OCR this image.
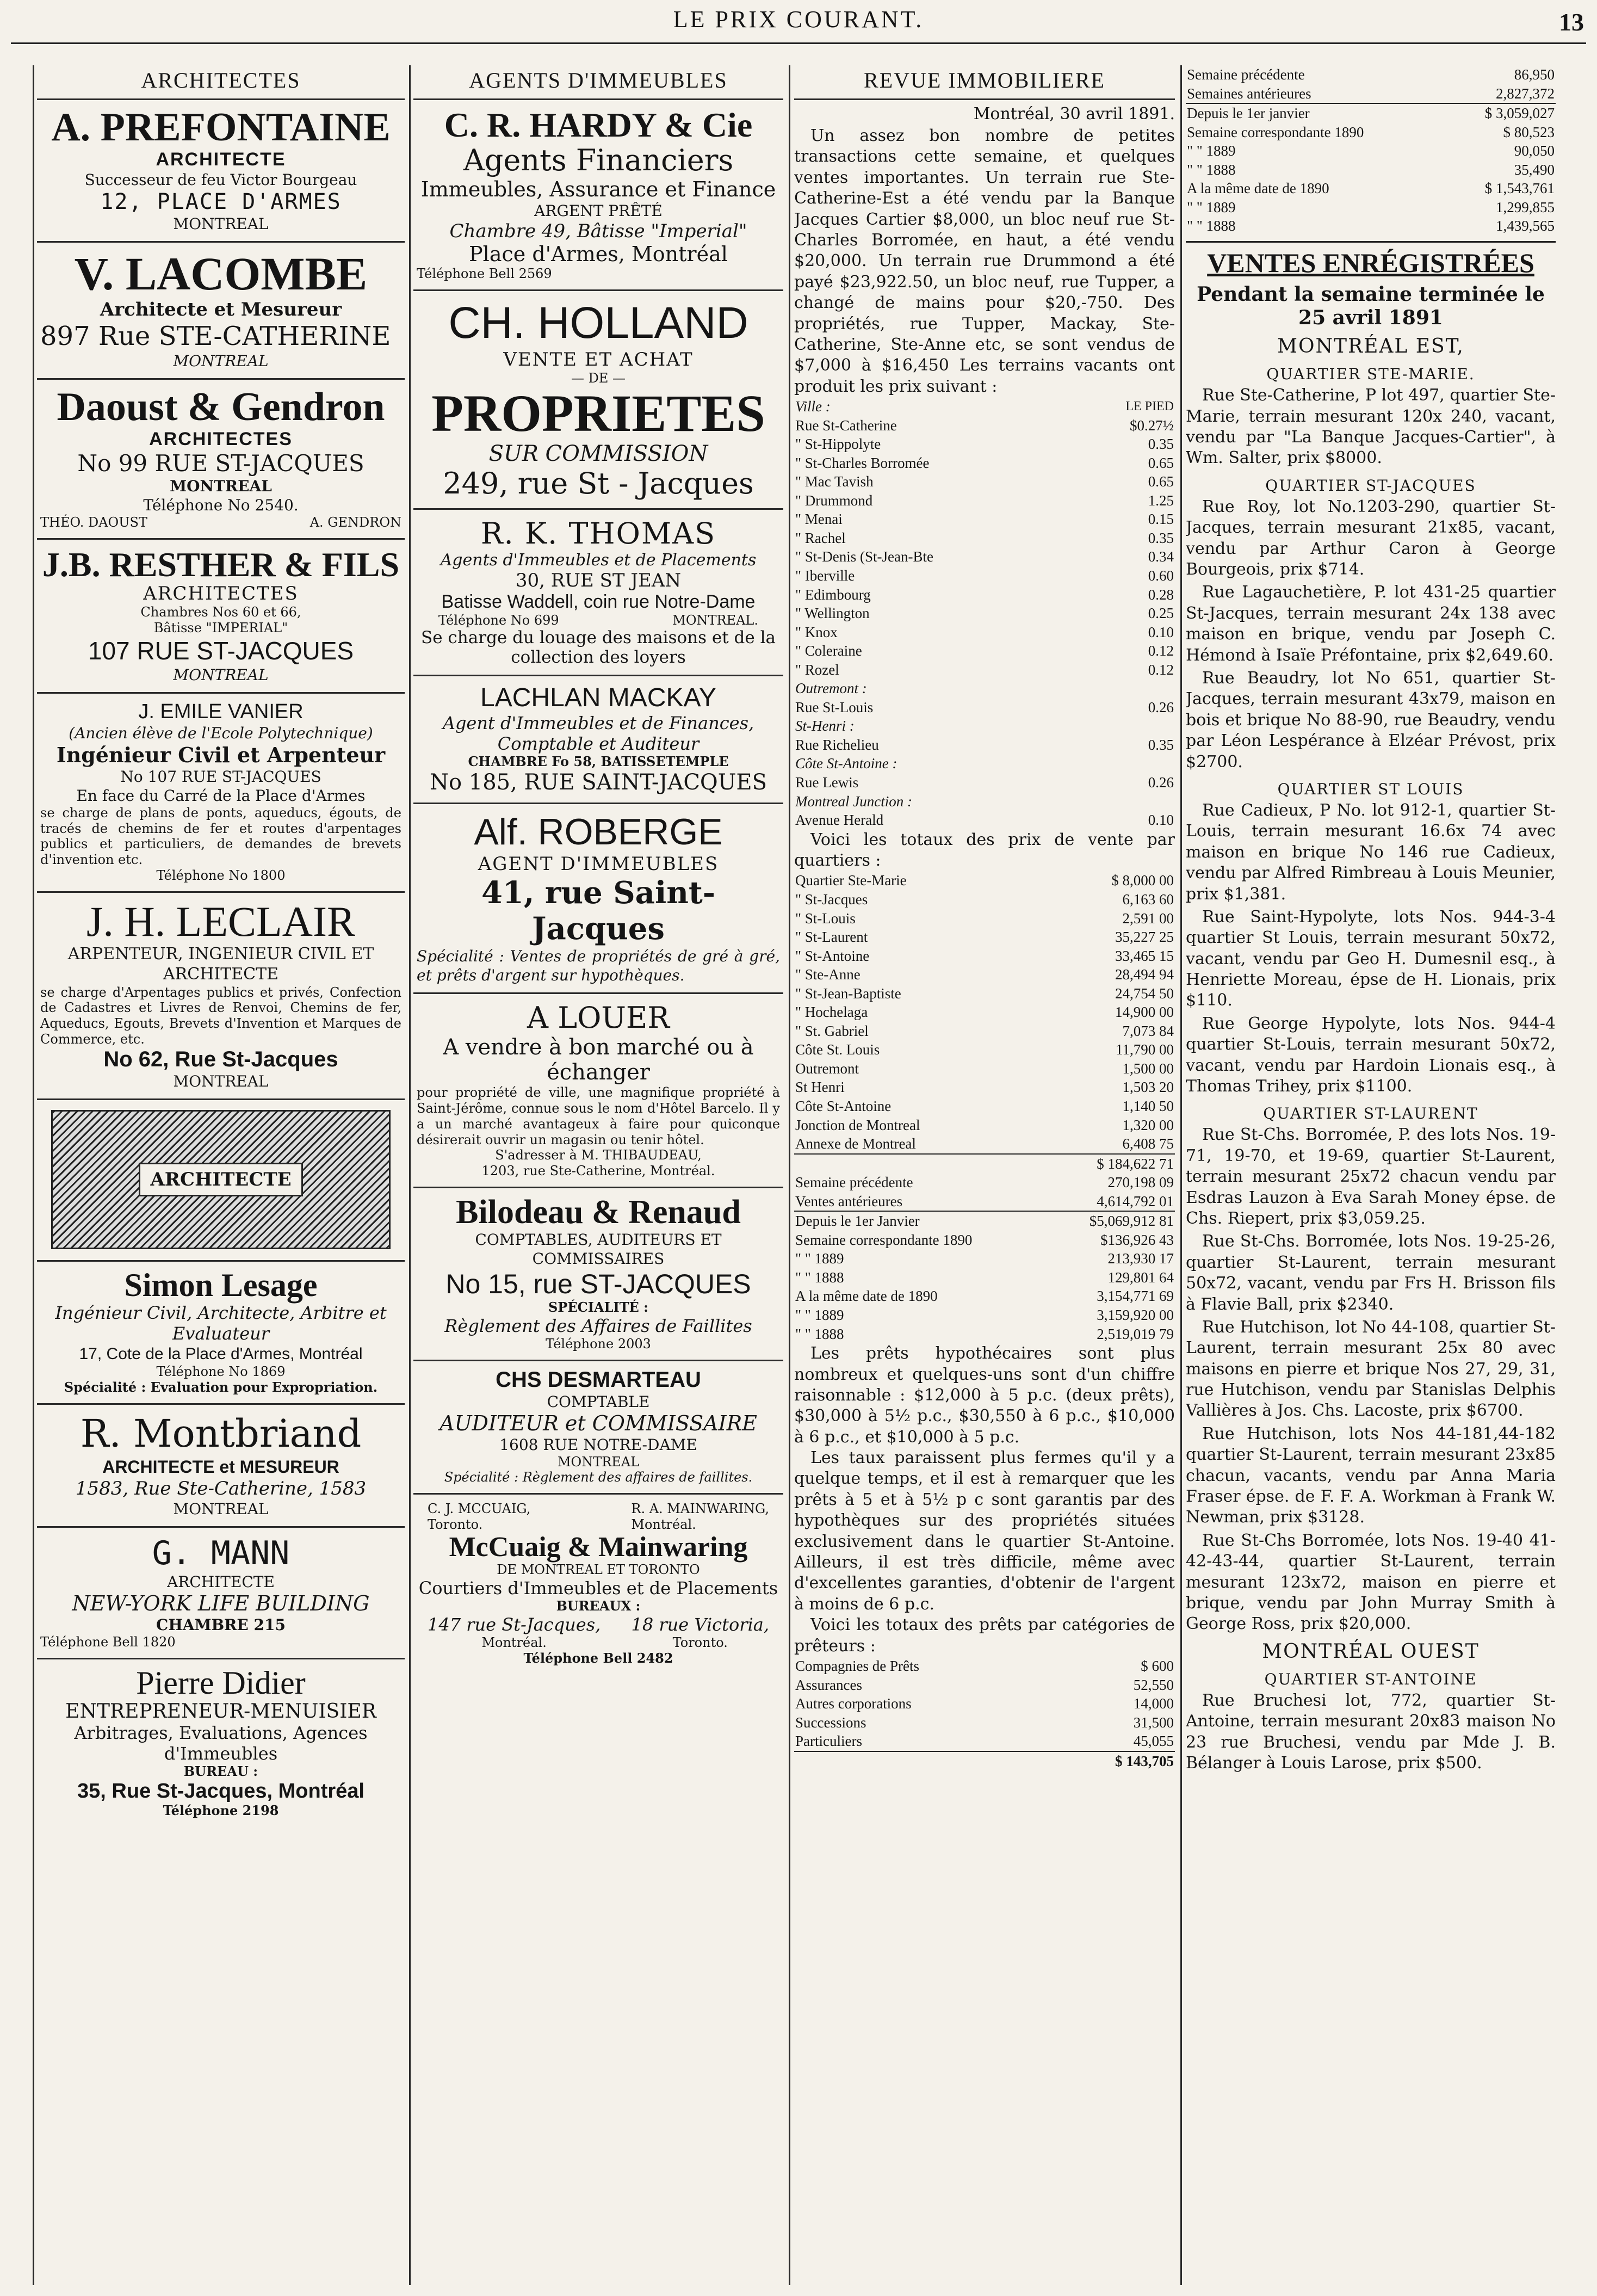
LE PRIX COURANT.	13
ARCHITECTES
A. PREFONTAINE
ARCHITECTE
Successeur de feu Victor Bourgeau
12, PLACE D'ARMES
MONTREAL
V. LACOMBE
Architecte et Mesureur
897 Rue STE-CATHERINE
MONTREAL
Daoust & Gendron
ARCHITECTES
No 99 RUE ST-JACQUES
MONTREAL
Téléphone No 2540.
THÉO. DAOUST	A. GENDRON
J.B. RESTHER & FILS
ARCHITECTES
Chambres Nos 60 et 66,
Bâtisse "IMPERIAL"
107 RUE ST-JACQUES
MONTREAL
J. EMILE VANIER
(Ancien élève de l'Ecole Polytechnique)
Ingénieur Civil et Arpenteur
No 107 RUE ST-JACQUES
En face du Carré de la Place d'Armes
se charge de plans de ponts, aqueducs, égouts, de tracés de chemins de fer et routes d'arpentages publics et particuliers, de demandes de brevets d'invention etc.
Téléphone No 1800
J. H. LECLAIR
ARPENTEUR, INGENIEUR CIVIL ET ARCHITECTE
se charge d'Arpentages publics et privés, Confection de Cadastres et Livres de Renvoi, Chemins de fer, Aqueducs, Egouts, Brevets d'Invention et Marques de Commerce, etc.
No 62, Rue St-Jacques
MONTREAL
ARCHITECTE
Simon Lesage
Ingénieur Civil, Architecte, Arbitre et Evaluateur
17, Cote de la Place d'Armes, Montréal
Téléphone No 1869
Spécialité : Evaluation pour Expropriation.
R. Montbriand
ARCHITECTE et MESUREUR
1583, Rue Ste-Catherine, 1583
MONTREAL
G. MANN
ARCHITECTE
NEW-YORK LIFE BUILDING
CHAMBRE 215
Téléphone Bell 1820
Pierre Didier
ENTREPRENEUR-MENUISIER
Arbitrages, Evaluations, Agences d'Immeubles
BUREAU :
35, Rue St-Jacques, Montréal
Téléphone 2198
AGENTS D'IMMEUBLES
C. R. HARDY & Cie
Agents Financiers
Immeubles, Assurance et Finance
ARGENT PRÊTÉ
Chambre 49, Bâtisse "Imperial"
Place d'Armes, Montréal
Téléphone Bell 2569
CH. HOLLAND
VENTE ET ACHAT
— DE —
PROPRIETES
SUR COMMISSION
249, rue St - Jacques
R. K. THOMAS
Agents d'Immeubles et de Placements
30, RUE ST JEAN
Batisse Waddell, coin rue Notre-Dame
Téléphone No 699	MONTREAL.
Se charge du louage des maisons et de la collection des loyers
LACHLAN MACKAY
Agent d'Immeubles et de Finances, Comptable et Auditeur
CHAMBRE Fo 58, BATISSETEMPLE
No 185, RUE SAINT-JACQUES
Alf. ROBERGE
AGENT D'IMMEUBLES
41, rue Saint-Jacques
Spécialité : Ventes de propriétés de gré à gré, et prêts d'argent sur hypothèques.
A LOUER
A vendre à bon marché ou à échanger
pour propriété de ville, une magnifique propriété à Saint-Jérôme, connue sous le nom d'Hôtel Barcelo. Il y a un marché avantageux à faire pour quiconque désirerait ouvrir un magasin ou tenir hôtel.
S'adresser à M. THIBAUDEAU,
1203, rue Ste-Catherine, Montréal.
Bilodeau & Renaud
COMPTABLES, AUDITEURS ET COMMISSAIRES
No 15, rue ST-JACQUES
SPÉCIALITÉ :
Règlement des Affaires de Faillites
Téléphone 2003
CHS DESMARTEAU
COMPTABLE
AUDITEUR et COMMISSAIRE
1608 RUE NOTRE-DAME
MONTREAL
Spécialité : Règlement des affaires de faillites.
C. J. MCCUAIG,
Toronto.
R. A. MAINWARING,
Montréal.
McCuaig & Mainwaring
DE MONTREAL ET TORONTO
Courtiers d'Immeubles et de Placements
BUREAUX :
147 rue St-Jacques,
Montréal.
18 rue Victoria,
Toronto.
Téléphone Bell 2482
REVUE IMMOBILIERE
Montréal, 30 avril 1891.

Un assez bon nombre de petites transactions cette semaine, et quelques ventes importantes. Un terrain rue Ste-Catherine-Est a été vendu par la Banque Jacques Cartier $8,000, un bloc neuf rue St-Charles Borromée, en haut, a été vendu $20,000. Un terrain rue Drummond a été payé $23,922.50, un bloc neuf, rue Tupper, a changé de mains pour $20,-750. Des propriétés, rue Tupper, Mackay, Ste-Catherine, Ste-Anne etc, se sont vendus de $7,000 à $16,450 Les terrains vacants ont produit les prix suivant :

Ville :	LE PIED
Rue St-Catherine	$0.27½
" St-Hippolyte	0.35
" St-Charles Borromée	0.65
" Mac Tavish	0.65
" Drummond	1.25
" Menai	0.15
" Rachel	0.35
" St-Denis (St-Jean-Bte	0.34
" Iberville	0.60
" Edimbourg	0.28
" Wellington	0.25
" Knox	0.10
" Coleraine	0.12
" Rozel	0.12
Outremont :	
Rue St-Louis	0.26
St-Henri :	
Rue Richelieu	0.35
Côte St-Antoine :	
Rue Lewis	0.26
Montreal Junction :	
Avenue Herald	0.10

Voici les totaux des prix de vente par quartiers :

Quartier Ste-Marie	$ 8,000 00
" St-Jacques	6,163 60
" St-Louis	2,591 00
" St-Laurent	35,227 25
" St-Antoine	33,465 15
" Ste-Anne	28,494 94
" St-Jean-Baptiste	24,754 50
" Hochelaga	14,900 00
" St. Gabriel	7,073 84
Côte St. Louis	11,790 00
Outremont	1,500 00
St Henri	1,503 20
Côte St-Antoine	1,140 50
Jonction de Montreal	1,320 00
Annexe de Montreal	6,408 75
	$ 184,622 71
Semaine précédente	270,198 09
Ventes antérieures	4,614,792 01
Depuis le 1er Janvier	$5,069,912 81
Semaine correspondante 1890	$136,926 43
" " 1889	213,930 17
" " 1888	129,801 64
A la même date de 1890	3,154,771 69
" " 1889	3,159,920 00
" " 1888	2,519,019 79

Les prêts hypothécaires sont plus nombreux et quelques-uns sont d'un chiffre raisonnable : $12,000 à 5 p.c. (deux prêts), $30,000 à 5½ p.c., $30,550 à 6 p.c., $10,000 à 6 p.c., et $10,000 à 5 p.c.

Les taux paraissent plus fermes qu'il y a quelque temps, et il est à remarquer que les prêts à 5 et à 5½ p c sont garantis par des hypothèques sur des propriétés situées exclusivement dans le quartier St-Antoine. Ailleurs, il est très difficile, même avec d'excellentes garanties, d'obtenir de l'argent à moins de 6 p.c.

Voici les totaux des prêts par catégories de prêteurs :

Compagnies de Prêts	$ 600
Assurances	52,550
Autres corporations	14,000
Successions	31,500
Particuliers	45,055
	$ 143,705
Semaine précédente	86,950
Semaines antérieures	2,827,372
Depuis le 1er janvier	$ 3,059,027
Semaine correspondante 1890	$ 80,523
" " 1889	90,050
" " 1888	35,490
A la même date de 1890	$ 1,543,761
" " 1889	1,299,855
" " 1888	1,439,565
VENTES ENRÉGISTRÉES
Pendant la semaine terminée le 25 avril 1891
MONTRÉAL EST,
QUARTIER STE-MARIE.

Rue Ste-Catherine, P lot 497, quartier Ste-Marie, terrain mesurant 120x 240, vacant, vendu par "La Banque Jacques-Cartier", à Wm. Salter, prix $8000.

QUARTIER ST-JACQUES

Rue Roy, lot No.1203-290, quartier St-Jacques, terrain mesurant 21x85, vacant, vendu par Arthur Caron à George Bourgeois, prix $714.

Rue Lagauchetière, P. lot 431-25 quartier St-Jacques, terrain mesurant 24x 138 avec maison en brique, vendu par Joseph C. Hémond à Isaïe Préfontaine, prix $2,649.60.

Rue Beaudry, lot No 651, quartier St-Jacques, terrain mesurant 43x79, maison en bois et brique No 88-90, rue Beaudry, vendu par Léon Lespérance à Elzéar Prévost, prix $2700.

QUARTIER ST LOUIS

Rue Cadieux, P No. lot 912-1, quartier St-Louis, terrain mesurant 16.6x 74 avec maison en brique No 146 rue Cadieux, vendu par Alfred Rimbreau à Louis Meunier, prix $1,381.

Rue Saint-Hypolyte, lots Nos. 944-3-4 quartier St Louis, terrain mesurant 50x72, vacant, vendu par Geo H. Dumesnil esq., à Henriette Moreau, épse de H. Lionais, prix $110.

Rue George Hypolyte, lots Nos. 944-4 quartier St-Louis, terrain mesurant 50x72, vacant, vendu par Hardoin Lionais esq., à Thomas Trihey, prix $1100.

QUARTIER ST-LAURENT

Rue St-Chs. Borromée, P. des lots Nos. 19-71, 19-70, et 19-69, quartier St-Laurent, terrain mesurant 25x72 chacun vendu par Esdras Lauzon à Eva Sarah Money épse. de Chs. Riepert, prix $3,059.25.

Rue St-Chs. Borromée, lots Nos. 19-25-26, quartier St-Laurent, terrain mesurant 50x72, vacant, vendu par Frs H. Brisson fils à Flavie Ball, prix $2340.

Rue Hutchison, lot No 44-108, quartier St-Laurent, terrain mesurant 25x 80 avec maisons en pierre et brique Nos 27, 29, 31, rue Hutchison, vendu par Stanislas Delphis Vallières à Jos. Chs. Lacoste, prix $6700.

Rue Hutchison, lots Nos 44-181,44-182 quartier St-Laurent, terrain mesurant 23x85 chacun, vacants, vendu par Anna Maria Fraser épse. de F. F. A. Workman à Frank W. Newman, prix $3128.

Rue St-Chs Borromée, lots Nos. 19-40 41-42-43-44, quartier St-Laurent, terrain mesurant 123x72, maison en pierre et brique, vendu par John Murray Smith à George Ross, prix $20,000.

MONTRÉAL OUEST
QUARTIER ST-ANTOINE

Rue Bruchesi lot, 772, quartier St-Antoine, terrain mesurant 20x83 maison No 23 rue Bruchesi, vendu par Mde J. B. Bélanger à Louis Larose, prix $500.
